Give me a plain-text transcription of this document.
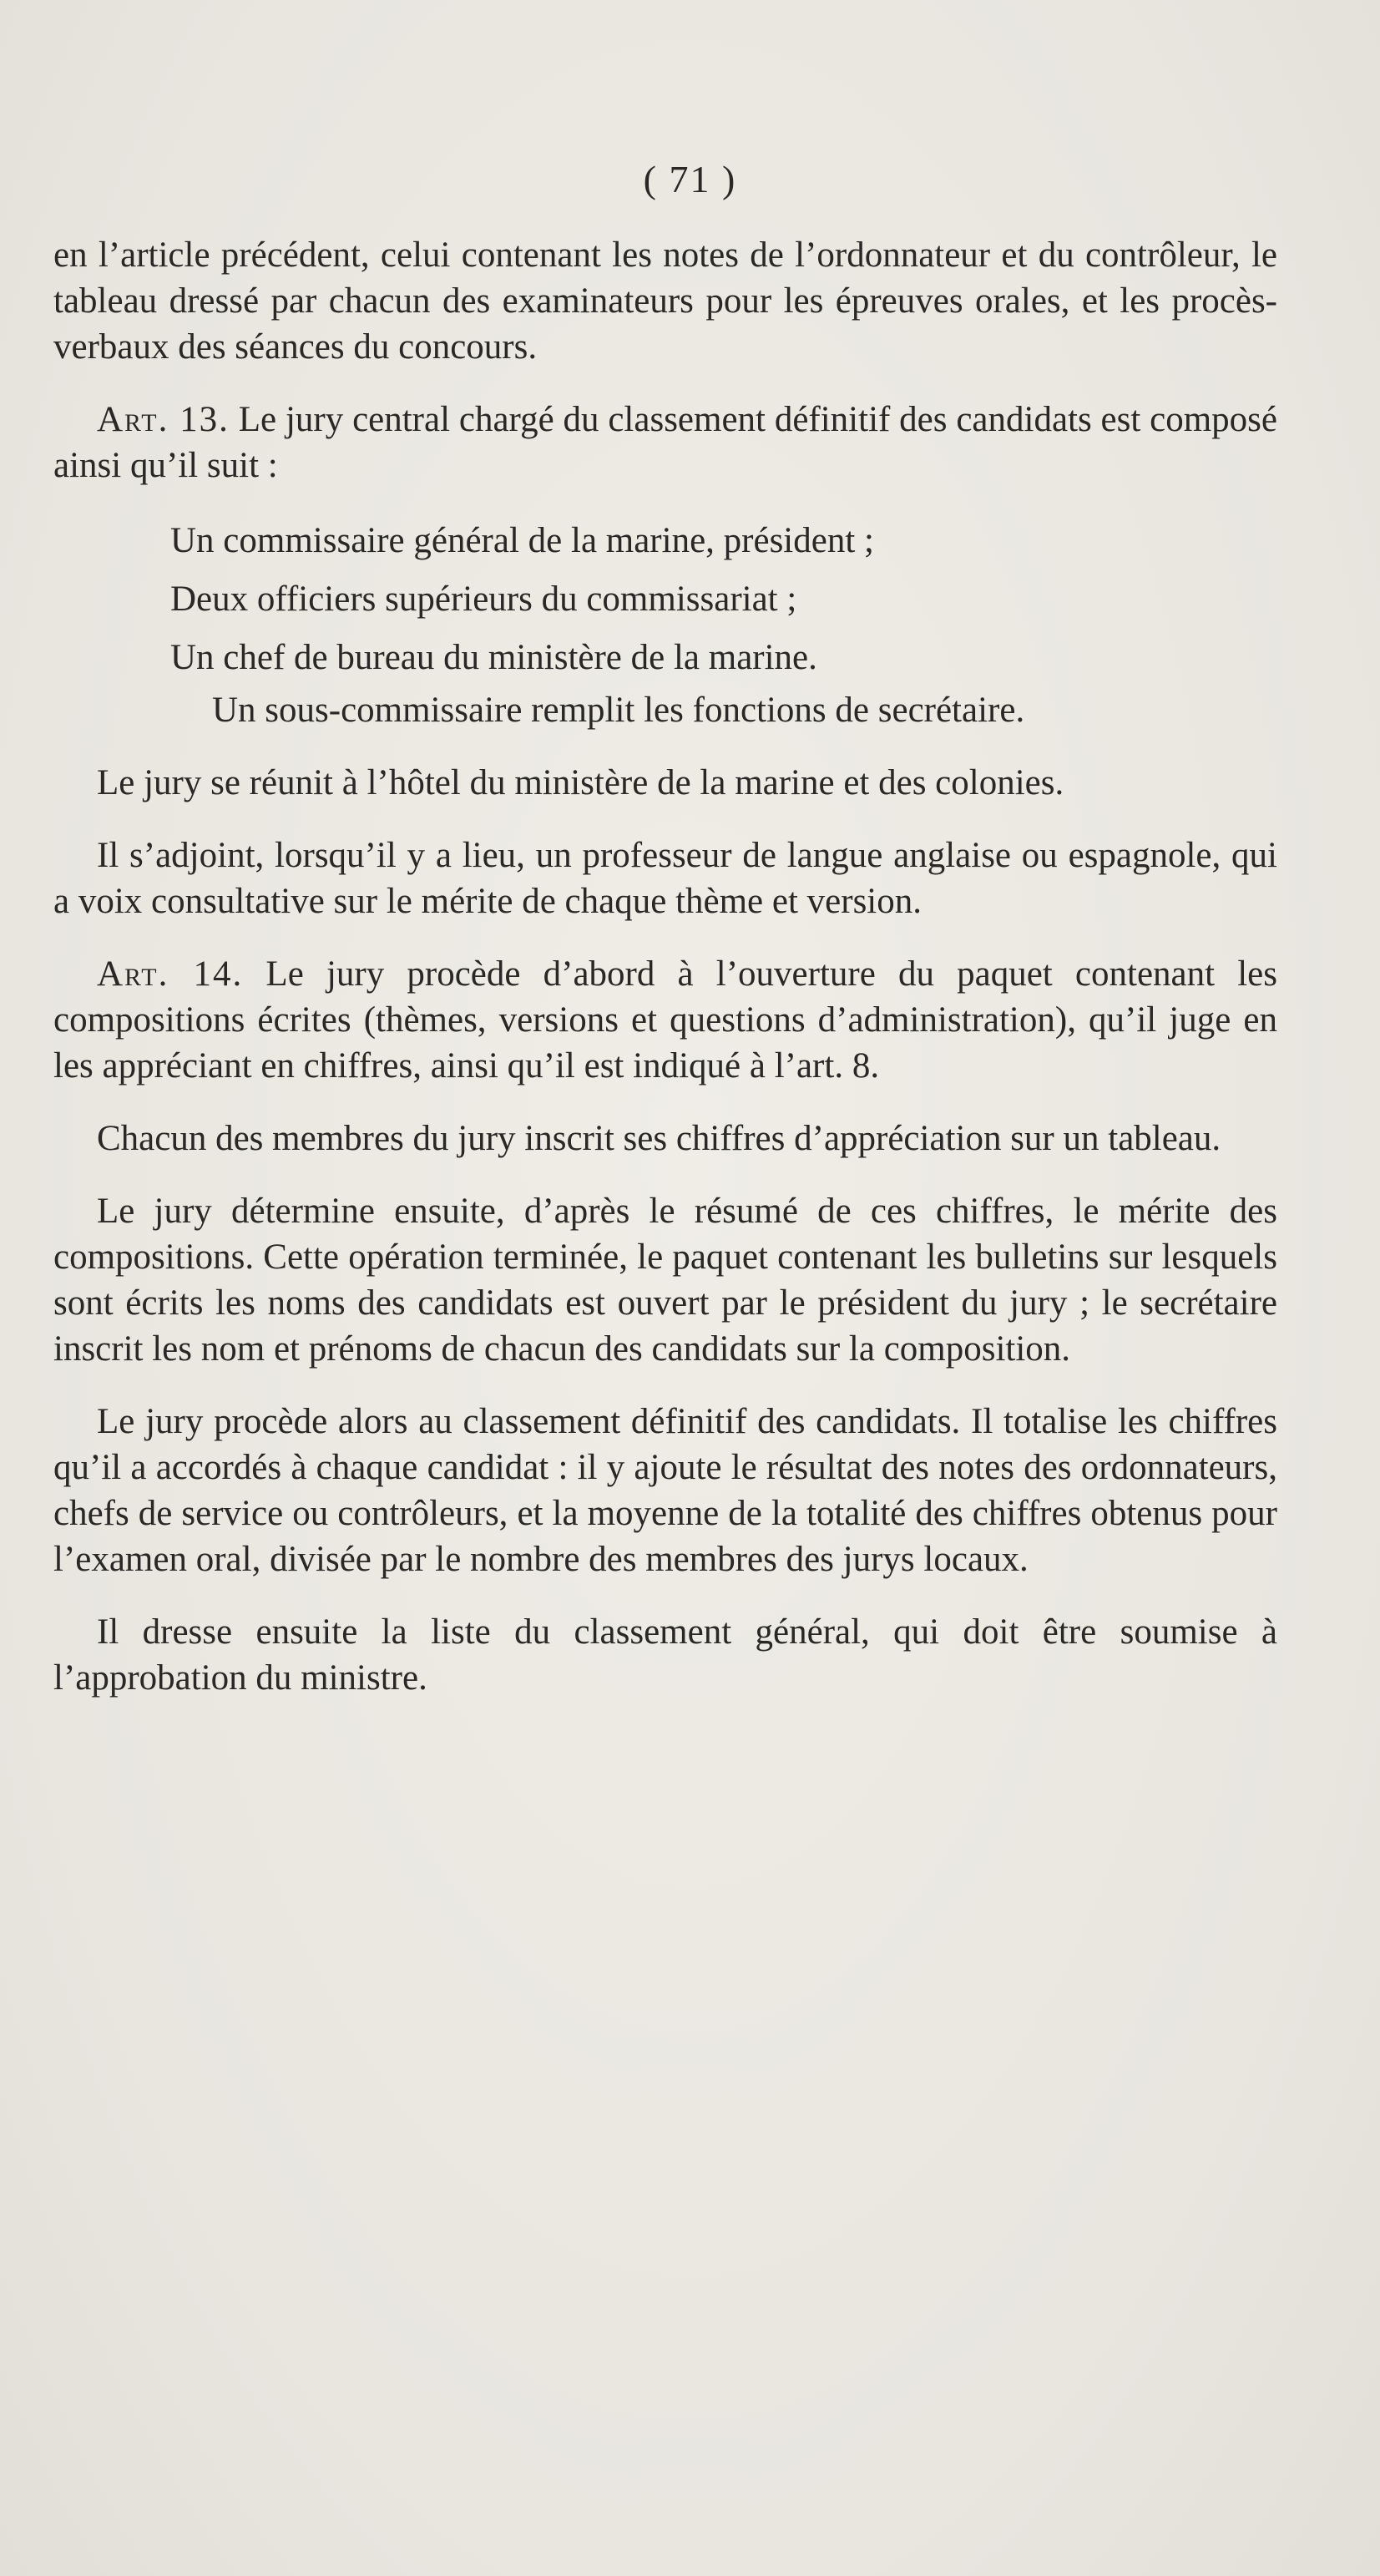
( 71 )

en l’article précédent, celui contenant les notes de l’ordonnateur et du contrôleur, le tableau dressé par chacun des examinateurs pour les épreuves orales, et les procès-verbaux des séances du concours.

Art. 13. Le jury central chargé du classement définitif des candidats est composé ainsi qu’il suit :

Un commissaire général de la marine, président ;
Deux officiers supérieurs du commissariat ;
Un chef de bureau du ministère de la marine.

Un sous-commissaire remplit les fonctions de secrétaire.

Le jury se réunit à l’hôtel du ministère de la marine et des colonies.

Il s’adjoint, lorsqu’il y a lieu, un professeur de langue anglaise ou espagnole, qui a voix consultative sur le mérite de chaque thème et version.

Art. 14. Le jury procède d’abord à l’ouverture du paquet contenant les compositions écrites (thèmes, versions et questions d’administration), qu’il juge en les appréciant en chiffres, ainsi qu’il est indiqué à l’art. 8.

Chacun des membres du jury inscrit ses chiffres d’appréciation sur un tableau.

Le jury détermine ensuite, d’après le résumé de ces chiffres, le mérite des compositions. Cette opération terminée, le paquet contenant les bulletins sur lesquels sont écrits les noms des candidats est ouvert par le président du jury ; le secrétaire inscrit les nom et prénoms de chacun des candidats sur la composition.

Le jury procède alors au classement définitif des candidats. Il totalise les chiffres qu’il a accordés à chaque candidat : il y ajoute le résultat des notes des ordonnateurs, chefs de service ou contrôleurs, et la moyenne de la totalité des chiffres obtenus pour l’examen oral, divisée par le nombre des membres des jurys locaux.

Il dresse ensuite la liste du classement général, qui doit être soumise à l’approbation du ministre.
